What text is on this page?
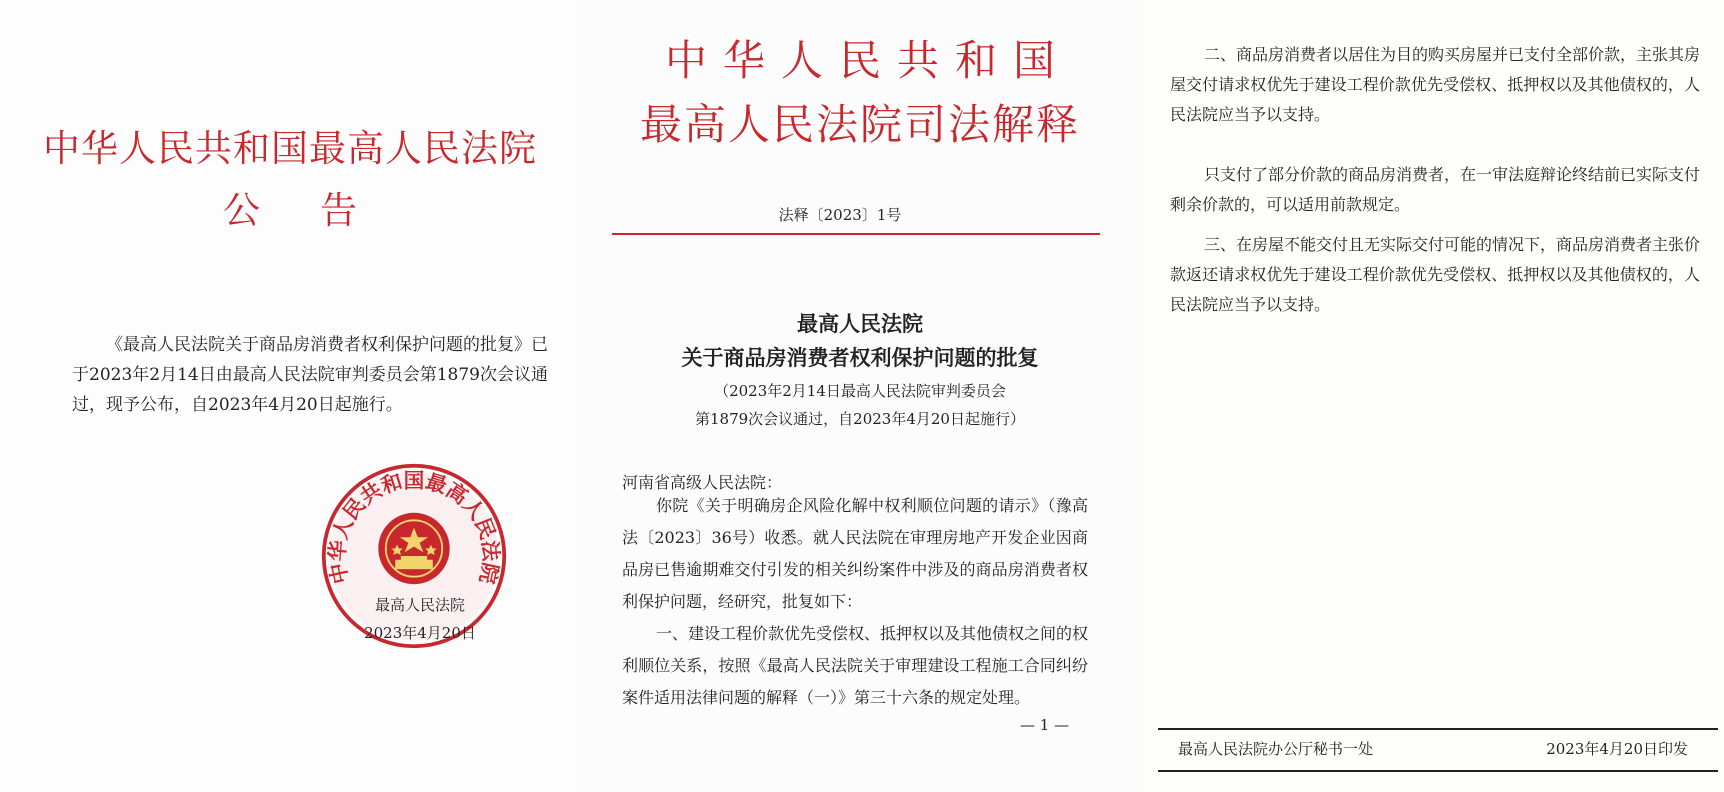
中华人民共和国最高人民法院
公告
《最高人民法院关于商品房消费者权利保护问题的批复》已于2023年2月14日由最高人民法院审判委员会第1879次会议通过，现予公布，自2023年4月20日起施行。
中华人民共和国最高人民法院
最高人民法院
2023年4月20日
中华人民共和国
最高人民法院司法解释
法释〔2023〕1号
最高人民法院
关于商品房消费者权利保护问题的批复
（2023年2月14日最高人民法院审判委员会
第1879次会议通过，自2023年4月20日起施行）
河南省高级人民法院：
你院《关于明确房企风险化解中权利顺位问题的请示》（豫高法〔2023〕36号）收悉。就人民法院在审理房地产开发企业因商品房已售逾期难交付引发的相关纠纷案件中涉及的商品房消费者权利保护问题，经研究，批复如下：
一、建设工程价款优先受偿权、抵押权以及其他债权之间的权利顺位关系，按照《最高人民法院关于审理建设工程施工合同纠纷案件适用法律问题的解释（一）》第三十六条的规定处理。
— 1 —
二、商品房消费者以居住为目的购买房屋并已支付全部价款，主张其房屋交付请求权优先于建设工程价款优先受偿权、抵押权以及其他债权的，人民法院应当予以支持。
只支付了部分价款的商品房消费者，在一审法庭辩论终结前已实际支付剩余价款的，可以适用前款规定。
三、在房屋不能交付且无实际交付可能的情况下，商品房消费者主张价款返还请求权优先于建设工程价款优先受偿权、抵押权以及其他债权的，人民法院应当予以支持。
最高人民法院办公厅秘书一处	2023年4月20日印发
